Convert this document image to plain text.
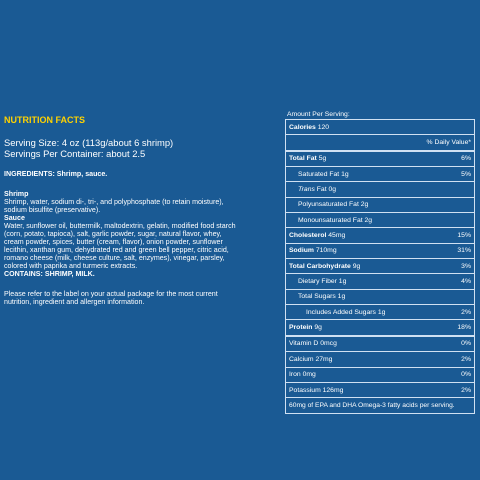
NUTRITION FACTS
Serving Size: 4 oz (113g/about 6 shrimp)
Servings Per Container: about 2.5
INGREDIENTS: Shrimp, sauce.
Shrimp
Shrimp, water, sodium di-, tri-, and polyphosphate (to retain moisture),
sodium bisulfite (preservative).
Sauce
Water, sunflower oil, buttermilk, maltodextrin, gelatin, modified food starch
(corn, potato, tapioca), salt, garlic powder, sugar, natural flavor, whey,
cream powder, spices, butter (cream, flavor), onion powder, sunflower
lecithin, xanthan gum, dehydrated red and green bell pepper, citric acid,
romano cheese (milk, cheese culture, salt, enzymes), vinegar, parsley,
colored with paprika and turmeric extracts.
CONTAINS: SHRIMP, MILK.
Please refer to the label on your actual package for the most current
nutrition, ingredient and allergen information.
Amount Per Serving:
Calories 120	
% Daily Value*	
Total Fat 5g	6%
Saturated Fat 1g	5%
Trans Fat 0g	
Polyunsaturated Fat 2g	
Monounsaturated Fat 2g	
Cholesterol 45mg	15%
Sodium 710mg	31%
Total Carbohydrate 9g	3%
Dietary Fiber 1g	4%
Total Sugars 1g	
Includes Added Sugars 1g	2%
Protein 9g	18%
Vitamin D 0mcg	0%
Calcium 27mg	2%
Iron 0mg	0%
Potassium 126mg	2%
60mg of EPA and DHA Omega-3 fatty acids per serving.	
